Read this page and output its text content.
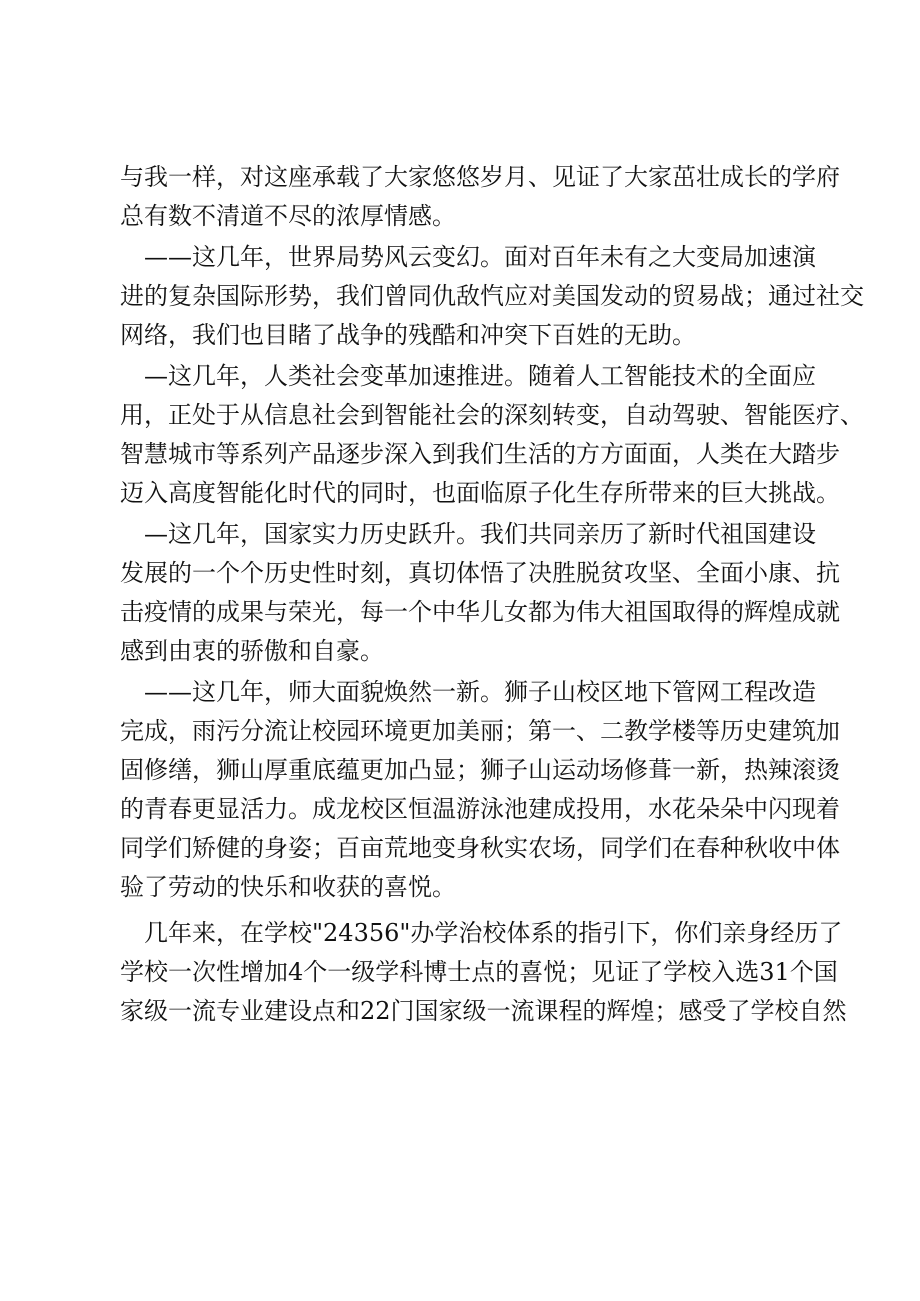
与我一样，对这座承载了大家悠悠岁月、见证了大家茁壮成长的学府
总有数不清道不尽的浓厚情感。
　——这几年，世界局势风云变幻。面对百年未有之大变局加速演
进的复杂国际形势，我们曾同仇敌忾应对美国发动的贸易战；通过社交
网络，我们也目睹了战争的残酷和冲突下百姓的无助。
　—这几年，人类社会变革加速推进。随着人工智能技术的全面应
用，正处于从信息社会到智能社会的深刻转变，自动驾驶、智能医疗、
智慧城市等系列产品逐步深入到我们生活的方方面面，人类在大踏步
迈入高度智能化时代的同时，也面临原子化生存所带来的巨大挑战。
　—这几年，国家实力历史跃升。我们共同亲历了新时代祖国建设
发展的一个个历史性时刻，真切体悟了决胜脱贫攻坚、全面小康、抗
击疫情的成果与荣光，每一个中华儿女都为伟大祖国取得的辉煌成就
感到由衷的骄傲和自豪。
　——这几年，师大面貌焕然一新。狮子山校区地下管网工程改造
完成，雨污分流让校园环境更加美丽；第一、二教学楼等历史建筑加
固修缮，狮山厚重底蕴更加凸显；狮子山运动场修葺一新，热辣滚烫
的青春更显活力。成龙校区恒温游泳池建成投用，水花朵朵中闪现着
同学们矫健的身姿；百亩荒地变身秋实农场，同学们在春种秋收中体
验了劳动的快乐和收获的喜悦。
　几年来，在学校"24356"办学治校体系的指引下，你们亲身经历了
学校一次性增加4个一级学科博士点的喜悦；见证了学校入选31个国
家级一流专业建设点和22门国家级一流课程的辉煌；感受了学校自然
